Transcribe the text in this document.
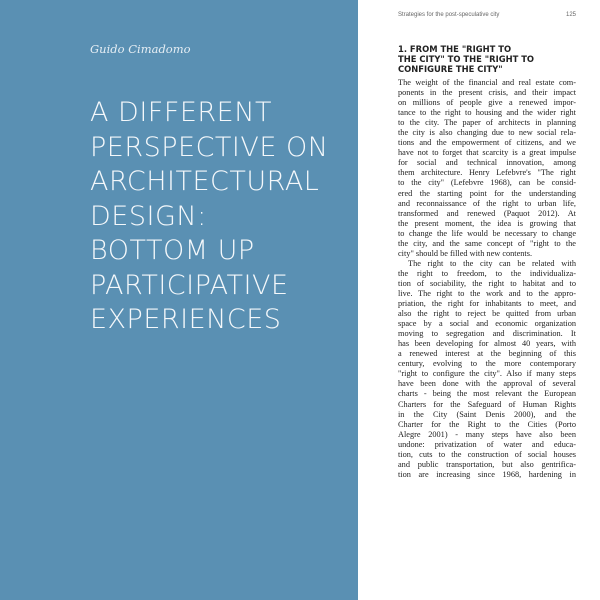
Guido Cimadomo

A DIFFERENT
PERSPECTIVE ON
ARCHITECTURAL
DESIGN:
BOTTOM UP
PARTICIPATIVE
EXPERIENCES
Strategies for the post-speculative city	125
1. FROM THE "RIGHT TO
THE CITY" TO THE "RIGHT TO
CONFIGURE THE CITY"
The weight of the financial and real estate com-
ponents in the present crisis, and their impact
on millions of people give a renewed impor-
tance to the right to housing and the wider right
to the city. The paper of architects in planning
the city is also changing due to new social rela-
tions and the empowerment of citizens, and we
have not to forget that scarcity is a great impulse
for social and technical innovation, among
them architecture. Henry Lefebvre's "The right
to the city" (Lefebvre 1968), can be consid-
ered the starting point for the understanding
and reconnaissance of the right to urban life,
transformed and renewed (Paquot 2012). At
the present moment, the idea is growing that
to change the life would be necessary to change
the city, and the same concept of "right to the
city" should be filled with new contents.
The right to the city can be related with
the right to freedom, to the individualiza-
tion of sociability, the right to habitat and to
live. The right to the work and to the appro-
priation, the right for inhabitants to meet, and
also the right to reject be quitted from urban
space by a social and economic organization
moving to segregation and discrimination. It
has been developing for almost 40 years, with
a renewed interest at the beginning of this
century, evolving to the more contemporary
"right to configure the city". Also if many steps
have been done with the approval of several
charts - being the most relevant the European
Charters for the Safeguard of Human Rights
in the City (Saint Denis 2000), and the
Charter for the Right to the Cities (Porto
Alegre 2001) - many steps have also been
undone: privatization of water and educa-
tion, cuts to the construction of social houses
and public transportation, but also gentrifica-
tion are increasing since 1968, hardening in
